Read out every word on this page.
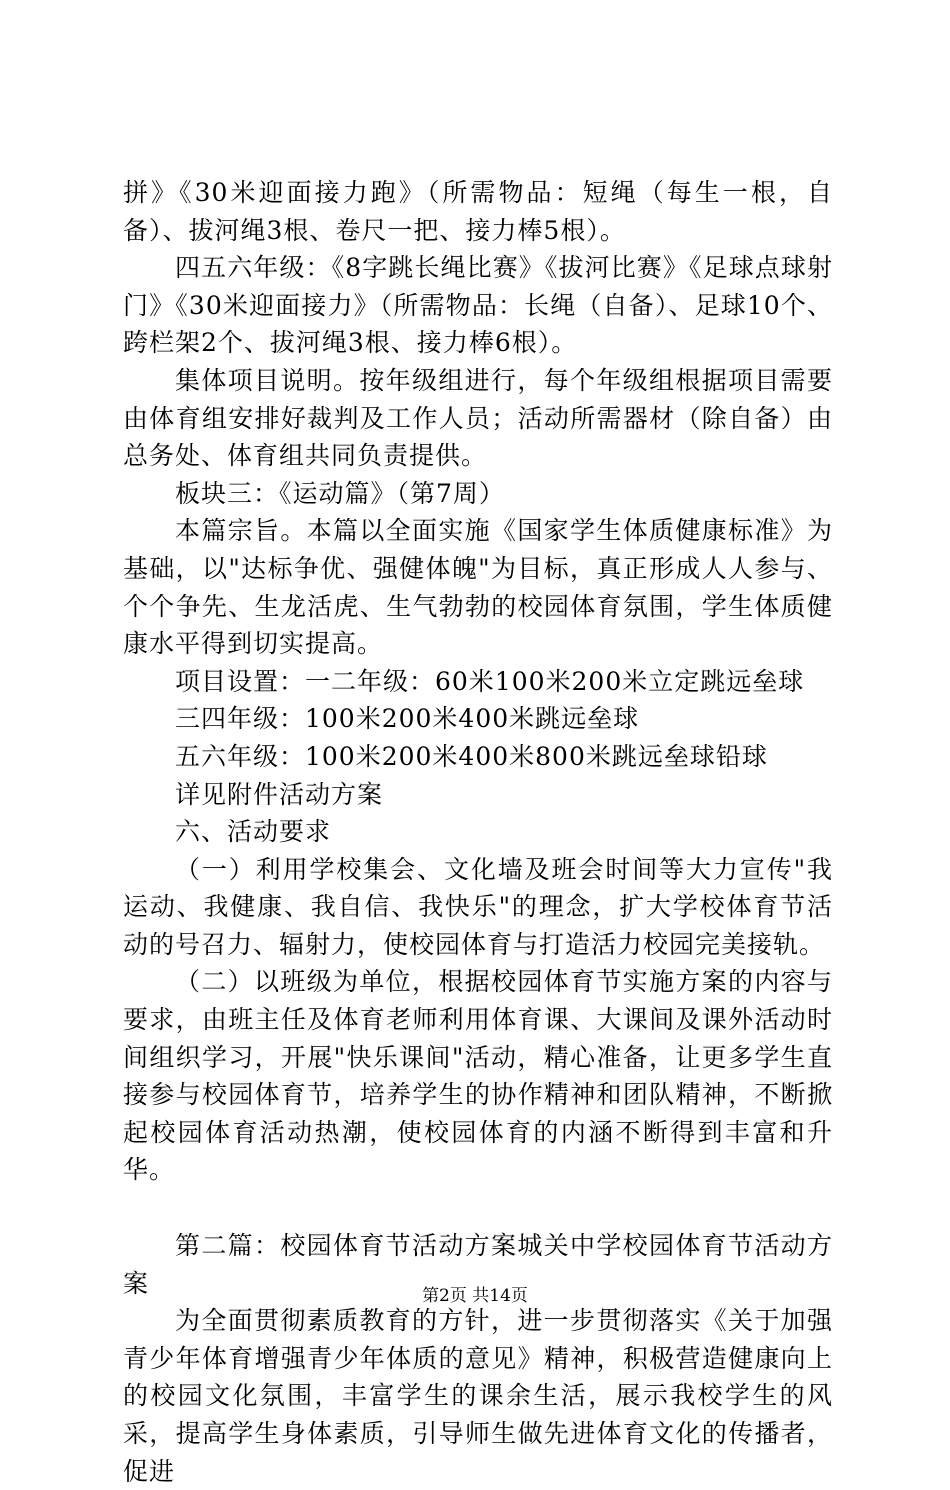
拼》《30米迎面接力跑》（所需物品：短绳（每生一根，自备）、拔河绳3根、卷尺一把、接力棒5根）。

四五六年级：《8字跳长绳比赛》《拔河比赛》《足球点球射门》《30米迎面接力》（所需物品：长绳（自备）、足球10个、跨栏架2个、拔河绳3根、接力棒6根）。

集体项目说明。按年级组进行，每个年级组根据项目需要由体育组安排好裁判及工作人员；活动所需器材（除自备）由总务处、体育组共同负责提供。

板块三：《运动篇》（第7周）

本篇宗旨。本篇以全面实施《国家学生体质健康标准》为基础，以"达标争优、强健体魄"为目标，真正形成人人参与、个个争先、生龙活虎、生气勃勃的校园体育氛围，学生体质健康水平得到切实提高。

项目设置：一二年级：60米100米200米立定跳远垒球

三四年级：100米200米400米跳远垒球

五六年级：100米200米400米800米跳远垒球铅球

详见附件活动方案

六、活动要求

（一）利用学校集会、文化墙及班会时间等大力宣传"我运动、我健康、我自信、我快乐"的理念，扩大学校体育节活动的号召力、辐射力，使校园体育与打造活力校园完美接轨。

（二）以班级为单位，根据校园体育节实施方案的内容与要求，由班主任及体育老师利用体育课、大课间及课外活动时间组织学习，开展"快乐课间"活动，精心准备，让更多学生直接参与校园体育节，培养学生的协作精神和团队精神，不断掀起校园体育活动热潮，使校园体育的内涵不断得到丰富和升华。

第二篇：校园体育节活动方案城关中学校园体育节活动方案

为全面贯彻素质教育的方针，进一步贯彻落实《关于加强青少年体育增强青少年体质的意见》精神，积极营造健康向上的校园文化氛围，丰富学生的课余生活，展示我校学生的风采，提高学生身体素质，引导师生做先进体育文化的传播者，促进

第2页 共14页
